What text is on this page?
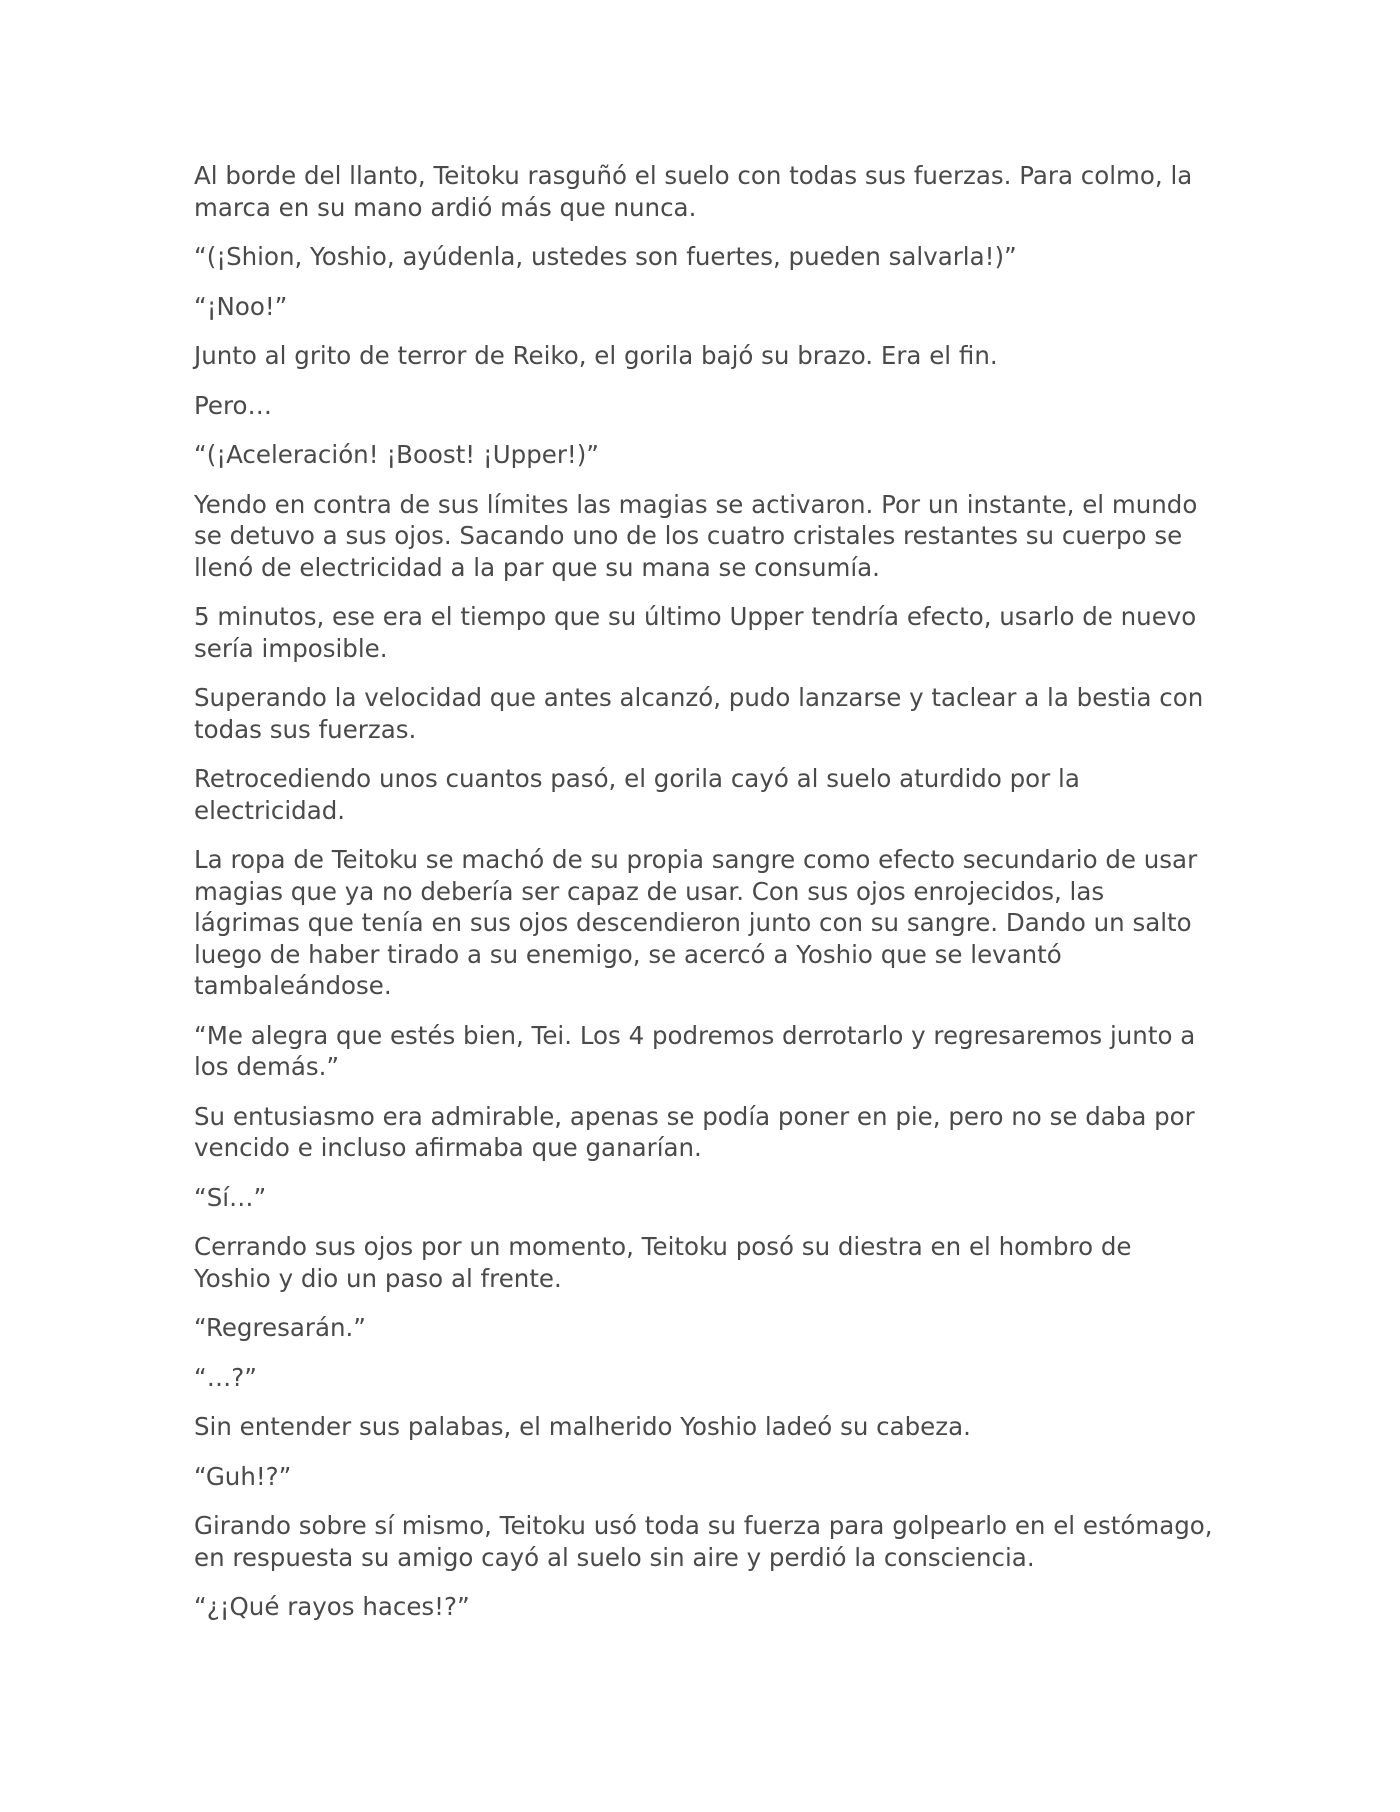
Al borde del llanto, Teitoku rasguñó el suelo con todas sus fuerzas. Para colmo, la marca en su mano ardió más que nunca.

“(¡Shion, Yoshio, ayúdenla, ustedes son fuertes, pueden salvarla!)”

“¡Noo!”

Junto al grito de terror de Reiko, el gorila bajó su brazo. Era el fin.

Pero…

“(¡Aceleración! ¡Boost! ¡Upper!)”

Yendo en contra de sus límites las magias se activaron. Por un instante, el mundo se detuvo a sus ojos. Sacando uno de los cuatro cristales restantes su cuerpo se llenó de electricidad a la par que su mana se consumía.

5 minutos, ese era el tiempo que su último Upper tendría efecto, usarlo de nuevo sería imposible.

Superando la velocidad que antes alcanzó, pudo lanzarse y taclear a la bestia con todas sus fuerzas.

Retrocediendo unos cuantos pasó, el gorila cayó al suelo aturdido por la electricidad.

La ropa de Teitoku se machó de su propia sangre como efecto secundario de usar magias que ya no debería ser capaz de usar. Con sus ojos enrojecidos, las lágrimas que tenía en sus ojos descendieron junto con su sangre. Dando un salto luego de haber tirado a su enemigo, se acercó a Yoshio que se levantó tambaleándose.

“Me alegra que estés bien, Tei. Los 4 podremos derrotarlo y regresaremos junto a los demás.”

Su entusiasmo era admirable, apenas se podía poner en pie, pero no se daba por vencido e incluso afirmaba que ganarían.

“Sí…”

Cerrando sus ojos por un momento, Teitoku posó su diestra en el hombro de Yoshio y dio un paso al frente.

“Regresarán.”

“…?”

Sin entender sus palabas, el malherido Yoshio ladeó su cabeza.

“Guh!?”

Girando sobre sí mismo, Teitoku usó toda su fuerza para golpearlo en el estómago, en respuesta su amigo cayó al suelo sin aire y perdió la consciencia.

“¿¡Qué rayos haces!?”
